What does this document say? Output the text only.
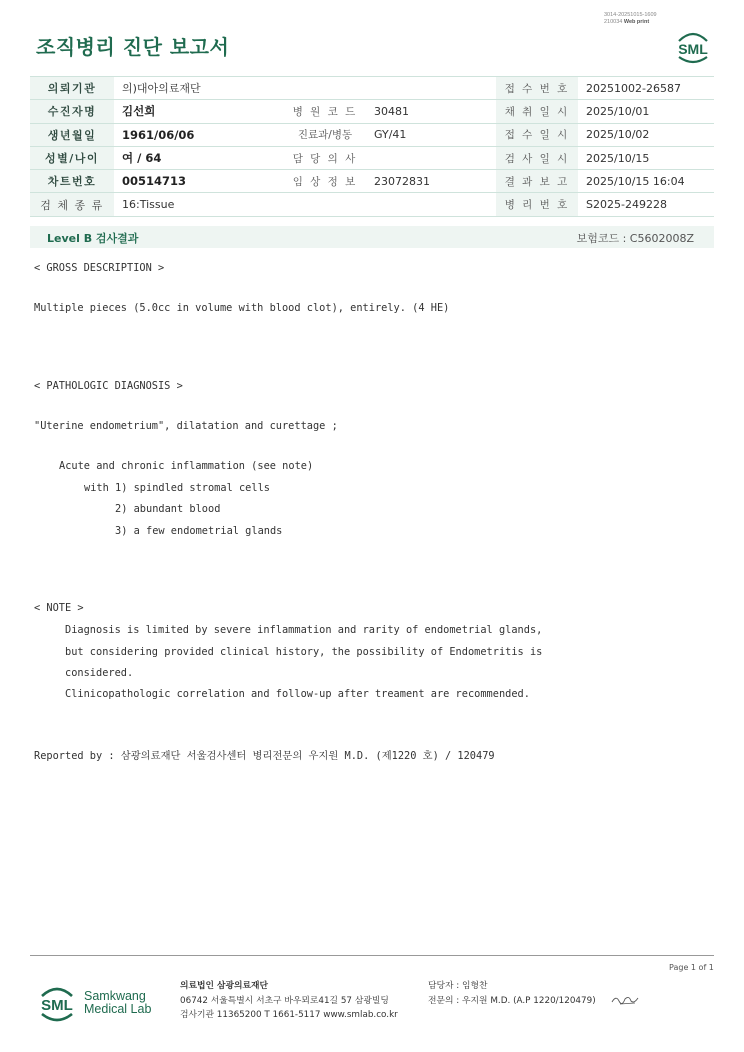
3014-20251015-1609
210034 Web print
조직병리 진단 보고서	SML
의뢰기관	의)대아의료재단			접 수 번 호	20251002-26587
수진자명	김선희	병 원 코 드	30481	채 취 일 시	2025/10/01
생년월일	1961/06/06	진료과/병동	GY/41	접 수 일 시	2025/10/02
성별/나이	여 / 64	담 당 의 사		검 사 일 시	2025/10/15
차트번호	00514713	임 상 정 보	23072831	결 과 보 고	2025/10/15 16:04
검 체 종 류	16:Tissue			병 리 번 호	S2025-249228
Level B 검사결과	보험코드 : C5602008Z
< GROSS DESCRIPTION >
Multiple pieces (5.0cc in volume with blood clot), entirely. (4 HE)
< PATHOLOGIC DIAGNOSIS >
"Uterine endometrium", dilatation and curettage ;
Acute and chronic inflammation (see note)
with 1) spindled stromal cells
2) abundant blood
3) a few endometrial glands
< NOTE >
Diagnosis is limited by severe inflammation and rarity of endometrial glands,
but considering provided clinical history, the possibility of Endometritis is
considered.
Clinicopathologic correlation and follow-up after treament are recommended.
Reported by : 삼광의료재단 서울검사센터 병리전문의 우지원 M.D. (제1220 호) / 120479
Page 1 of 1
SML
Samkwang
Medical Lab
의료법인 삼광의료재단
06742 서울특별시 서초구 바우뫼로41길 57 삼광빌딩
검사기관 11365200 T 1661-5117 www.smlab.co.kr
담당자 : 임형찬
전문의 : 우지원 M.D. (A.P 1220/120479)
